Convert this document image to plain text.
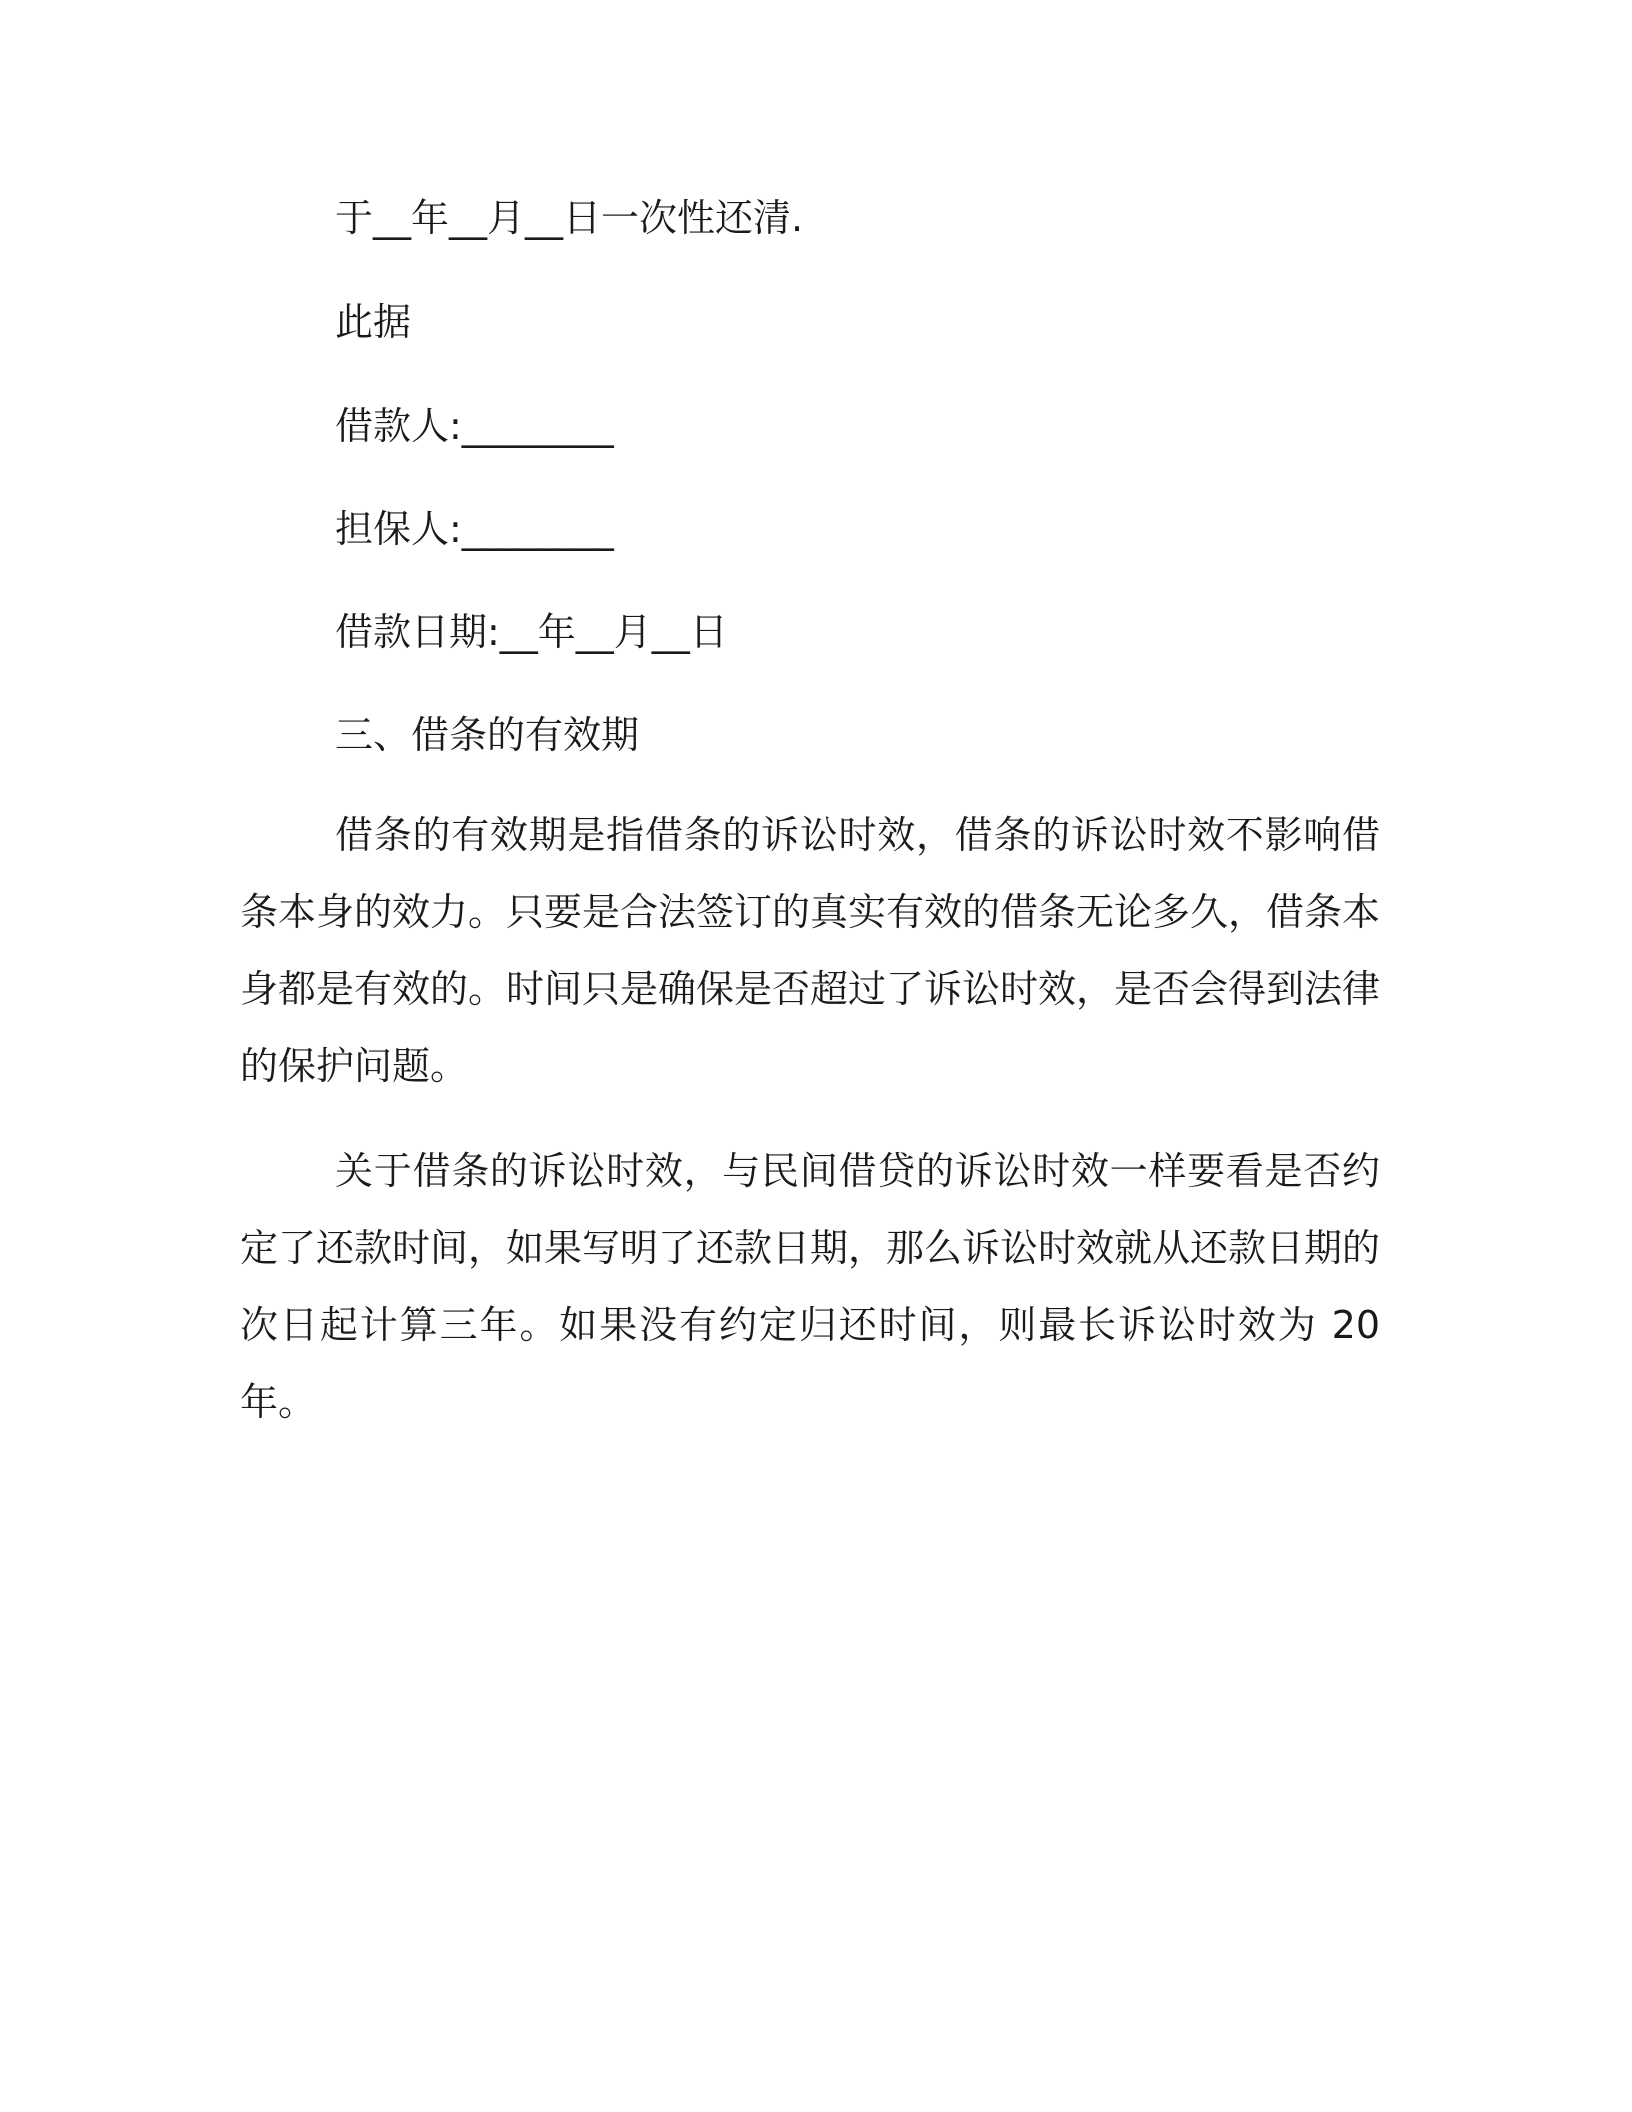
于__年__月__日一次性还清.
此据
借款人:________
担保人:________
借款日期:__年__月__日
三、借条的有效期

借条的有效期是指借条的诉讼时效，借条的诉讼时效不影响借条本身的效力。只要是合法签订的真实有效的借条无论多久，借条本身都是有效的。时间只是确保是否超过了诉讼时效，是否会得到法律的保护问题。

关于借条的诉讼时效，与民间借贷的诉讼时效一样要看是否约定了还款时间，如果写明了还款日期，那么诉讼时效就从还款日期的次日起计算三年。如果没有约定归还时间，则最长诉讼时效为 20 年。
